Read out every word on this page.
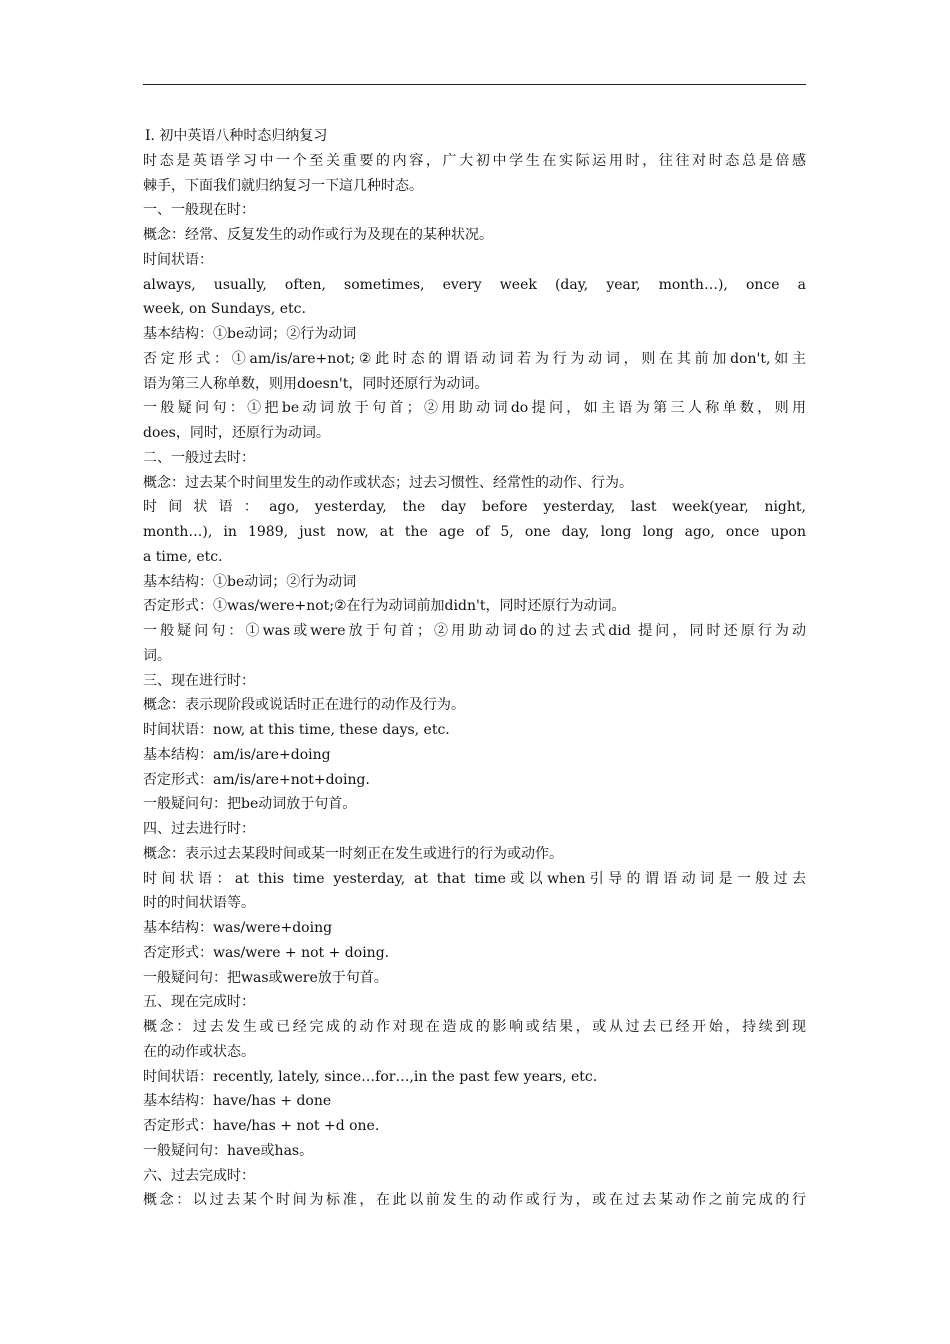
Ⅰ. 初中英语八种时态归纳复习
时态是英语学习中一个至关重要的内容，广大初中学生在实际运用时，往往对时态总是倍感
棘手，下面我们就归纳复习一下這几种时态。
一、一般现在时：
概念：经常、反复发生的动作或行为及现在的某种状况。
时间状语：
always, usually, often, sometimes, every week (day, year, month…), once a
week, on Sundays, etc.
基本结构：①be动词；②行为动词
否定形式：①am/is/are+not;②此时态的谓语动词若为行为动词，则在其前加don't,如主
语为第三人称单数，则用doesn't，同时还原行为动词。
一般疑问句：①把be动词放于句首；②用助动词do提问，如主语为第三人称单数，则用
does，同时，还原行为动词。
二、一般过去时：
概念：过去某个时间里发生的动作或状态；过去习惯性、经常性的动作、行为。
时间状语：ago, yesterday, the day before yesterday, last week(year, night,
month…), in 1989, just now, at the age of 5, one day, long long ago, once upon
a time, etc.
基本结构：①be动词；②行为动词
否定形式：①was/were+not;②在行为动词前加didn't，同时还原行为动词。
一般疑问句：①was或were放于句首；②用助动词do的过去式did 提问，同时还原行为动
词。
三、现在进行时：
概念：表示现阶段或说话时正在进行的动作及行为。
时间状语：now, at this time, these days, etc.
基本结构：am/is/are+doing
否定形式：am/is/are+not+doing.
一般疑问句：把be动词放于句首。
四、过去进行时：
概念：表示过去某段时间或某一时刻正在发生或进行的行为或动作。
时间状语：at this time yesterday, at that time或以when引导的谓语动词是一般过去
时的时间状语等。
基本结构：was/were+doing
否定形式：was/were + not + doing.
一般疑问句：把was或were放于句首。
五、现在完成时：
概念：过去发生或已经完成的动作对现在造成的影响或结果，或从过去已经开始，持续到现
在的动作或状态。
时间状语：recently, lately, since…for…,in the past few years, etc.
基本结构：have/has + done
否定形式：have/has + not +d one.
一般疑问句：have或has。
六、过去完成时：
概念：以过去某个时间为标准，在此以前发生的动作或行为，或在过去某动作之前完成的行
